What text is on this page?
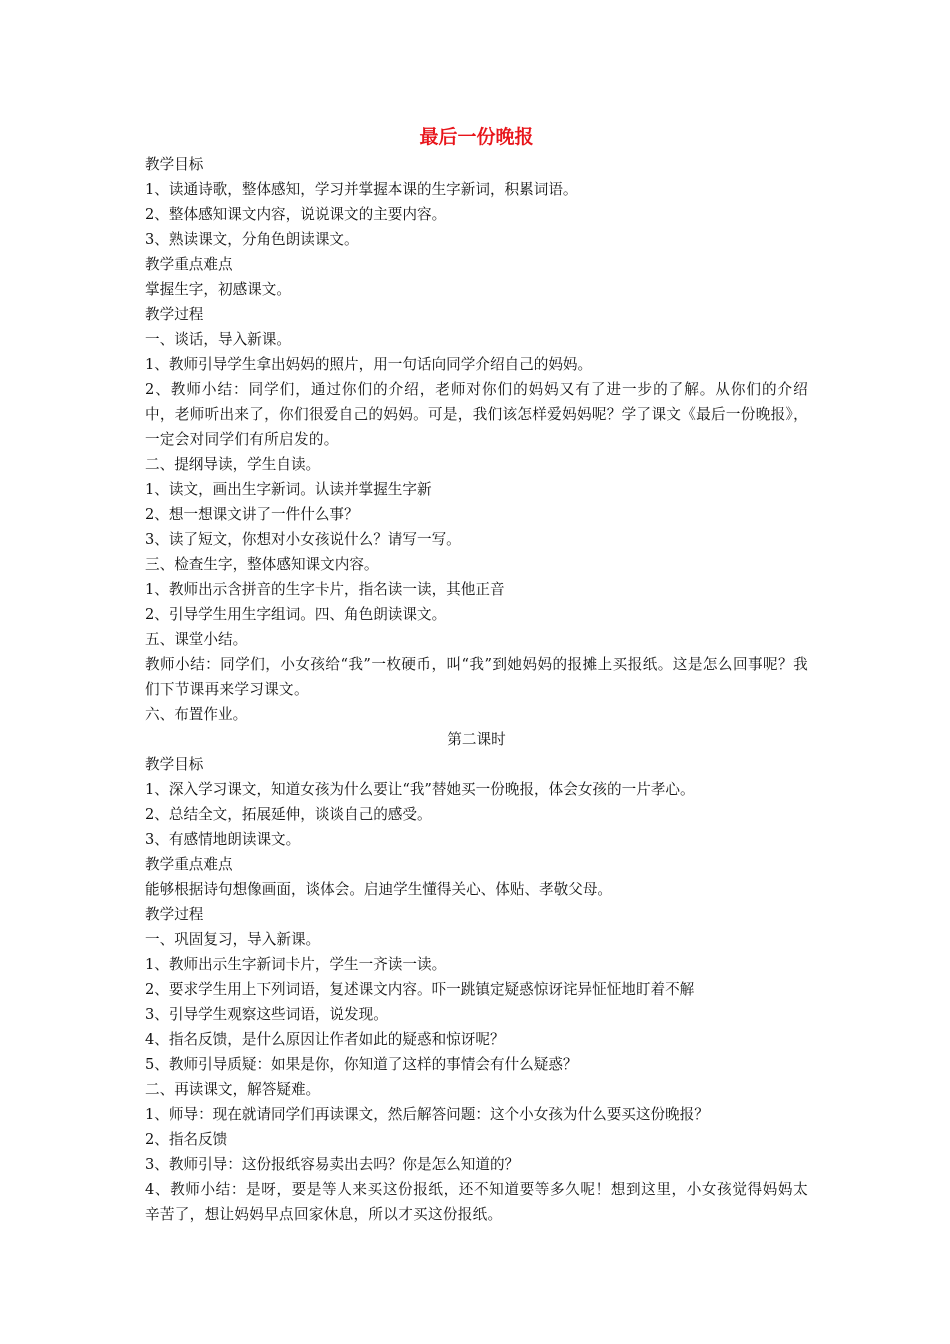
最后一份晚报

教学目标

1、读通诗歌，整体感知，学习并掌握本课的生字新词，积累词语。

2、整体感知课文内容，说说课文的主要内容。

3、熟读课文，分角色朗读课文。

教学重点难点

掌握生字，初感课文。

教学过程

一、谈话，导入新课。

1、教师引导学生拿出妈妈的照片，用一句话向同学介绍自己的妈妈。

2、教师小结：同学们，通过你们的介绍，老师对你们的妈妈又有了进一步的了解。从你们的介绍中，老师听出来了，你们很爱自己的妈妈。可是，我们该怎样爱妈妈呢？学了课文《最后一份晚报》，一定会对同学们有所启发的。

二、提纲导读，学生自读。

1、读文，画出生字新词。认读并掌握生字新

2、想一想课文讲了一件什么事？

3、读了短文，你想对小女孩说什么？请写一写。

三、检查生字，整体感知课文内容。

1、教师出示含拼音的生字卡片，指名读一读，其他正音

2、引导学生用生字组词。四、角色朗读课文。

五、课堂小结。

教师小结：同学们，小女孩给“我”一枚硬币，叫“我”到她妈妈的报摊上买报纸。这是怎么回事呢？我们下节课再来学习课文。

六、布置作业。

第二课时

教学目标

1、深入学习课文，知道女孩为什么要让“我”替她买一份晚报，体会女孩的一片孝心。

2、总结全文，拓展延伸，谈谈自己的感受。

3、有感情地朗读课文。

教学重点难点

能够根据诗句想像画面，谈体会。启迪学生懂得关心、体贴、孝敬父母。

教学过程

一、巩固复习，导入新课。

1、教师出示生字新词卡片，学生一齐读一读。

2、要求学生用上下列词语，复述课文内容。吓一跳镇定疑惑惊讶诧异怔怔地盯着不解

3、引导学生观察这些词语，说发现。

4、指名反馈，是什么原因让作者如此的疑惑和惊讶呢？

5、教师引导质疑：如果是你，你知道了这样的事情会有什么疑惑？

二、再读课文，解答疑难。

1、师导：现在就请同学们再读课文，然后解答问题：这个小女孩为什么要买这份晚报？

2、指名反馈

3、教师引导：这份报纸容易卖出去吗？你是怎么知道的？

4、教师小结：是呀，要是等人来买这份报纸，还不知道要等多久呢！想到这里，小女孩觉得妈妈太辛苦了，想让妈妈早点回家休息，所以才买这份报纸。
